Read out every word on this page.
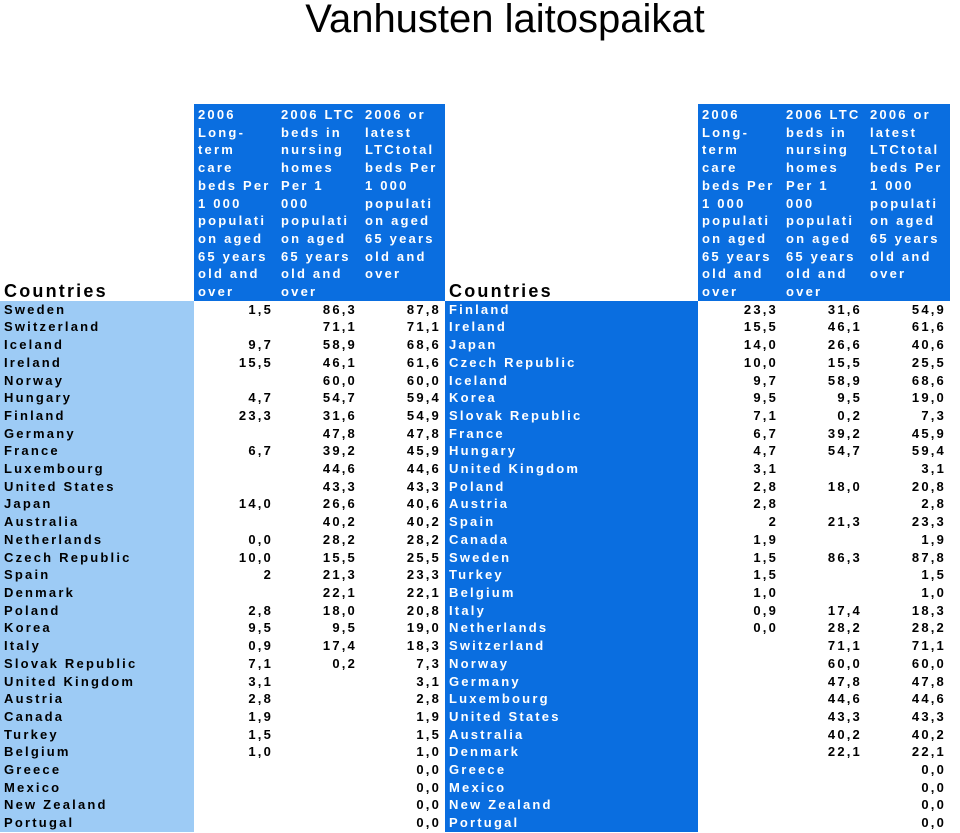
Vanhusten laitospaikat
Countries	2006 Long-term care beds Per 1 000 populati on aged 65 years old and over	2006 LTC beds in nursing homes Per 1 000 populati on aged 65 years old and over	2006 or latest LTCtotal beds Per 1 000 populati on aged 65 years old and over	Countries	2006 Long-term care beds Per 1 000 populati on aged 65 years old and over	2006 LTC beds in nursing homes Per 1 000 populati on aged 65 years old and over	2006 or latest LTCtotal beds Per 1 000 populati on aged 65 years old and over
Sweden	1,5	86,3	87,8	Finland	23,3	31,6	54,9
Switzerland		71,1	71,1	Ireland	15,5	46,1	61,6
Iceland	9,7	58,9	68,6	Japan	14,0	26,6	40,6
Ireland	15,5	46,1	61,6	Czech Republic	10,0	15,5	25,5
Norway		60,0	60,0	Iceland	9,7	58,9	68,6
Hungary	4,7	54,7	59,4	Korea	9,5	9,5	19,0
Finland	23,3	31,6	54,9	Slovak Republic	7,1	0,2	7,3
Germany		47,8	47,8	France	6,7	39,2	45,9
France	6,7	39,2	45,9	Hungary	4,7	54,7	59,4
Luxembourg		44,6	44,6	United Kingdom	3,1		3,1
United States		43,3	43,3	Poland	2,8	18,0	20,8
Japan	14,0	26,6	40,6	Austria	2,8		2,8
Australia		40,2	40,2	Spain	2	21,3	23,3
Netherlands	0,0	28,2	28,2	Canada	1,9		1,9
Czech Republic	10,0	15,5	25,5	Sweden	1,5	86,3	87,8
Spain	2	21,3	23,3	Turkey	1,5		1,5
Denmark		22,1	22,1	Belgium	1,0		1,0
Poland	2,8	18,0	20,8	Italy	0,9	17,4	18,3
Korea	9,5	9,5	19,0	Netherlands	0,0	28,2	28,2
Italy	0,9	17,4	18,3	Switzerland		71,1	71,1
Slovak Republic	7,1	0,2	7,3	Norway		60,0	60,0
United Kingdom	3,1		3,1	Germany		47,8	47,8
Austria	2,8		2,8	Luxembourg		44,6	44,6
Canada	1,9		1,9	United States		43,3	43,3
Turkey	1,5		1,5	Australia		40,2	40,2
Belgium	1,0		1,0	Denmark		22,1	22,1
Greece			0,0	Greece			0,0
Mexico			0,0	Mexico			0,0
New Zealand			0,0	New Zealand			0,0
Portugal			0,0	Portugal			0,0
